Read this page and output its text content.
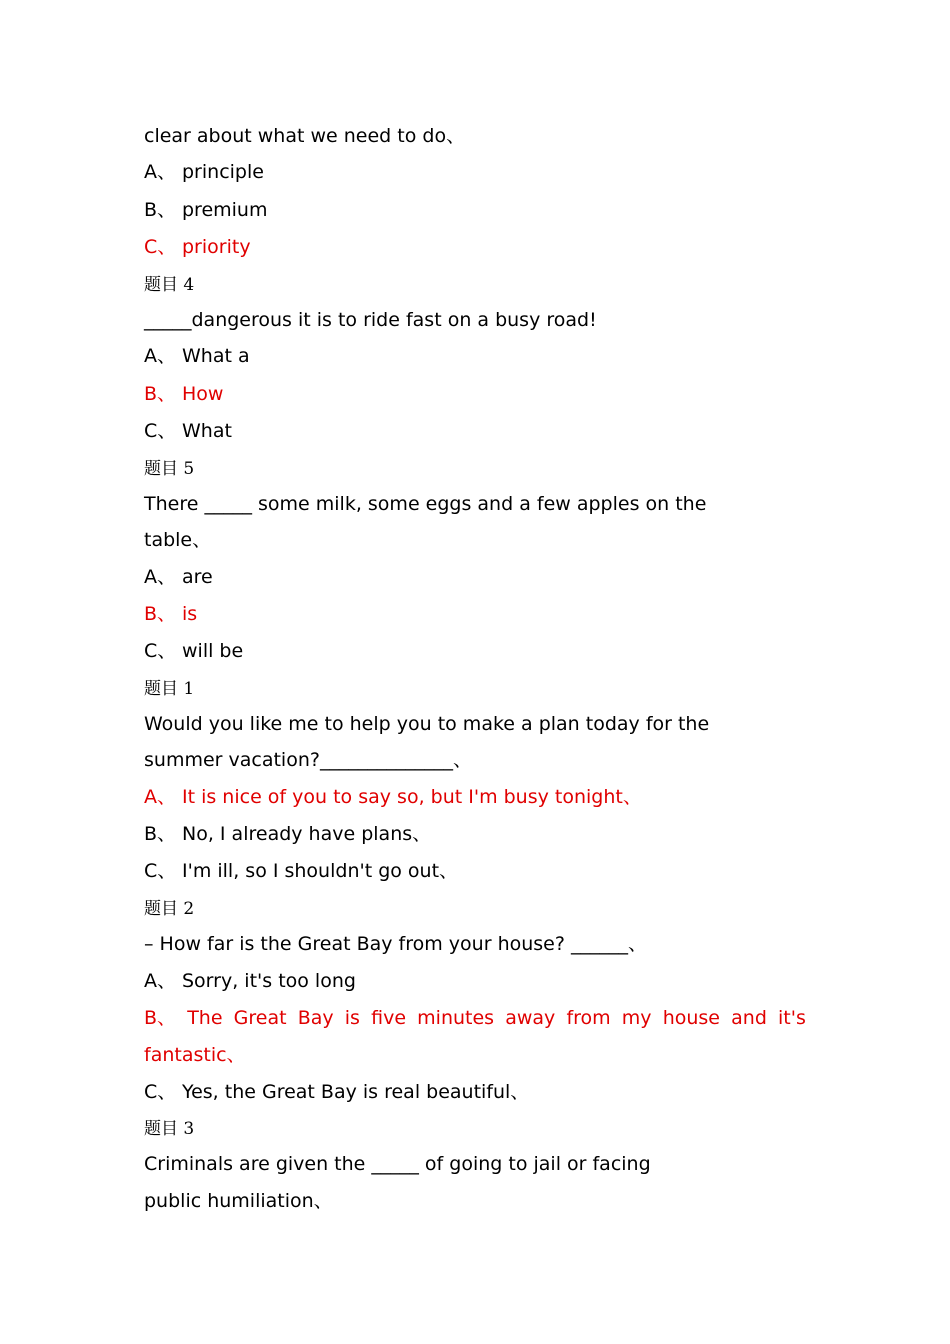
clear about what we need to do、
A、 principle
B、 premium
C、 priority
题目 4
_____dangerous it is to ride fast on a busy road!
A、 What a
B、 How
C、 What
题目 5
There _____ some milk, some eggs and a few apples on the
table、
A、 are
B、 is
C、 will be
题目 1
Would you like me to help you to make a plan today for the
summer vacation?______________、
A、 It is nice of you to say so, but I'm busy tonight、
B、 No, I already have plans、
C、 I'm ill, so I shouldn't go out、
题目 2
– How far is the Great Bay from your house? ______、
A、 Sorry, it's too long
B、 The Great Bay is five minutes away from my house and it's
fantastic、
C、 Yes, the Great Bay is real beautiful、
题目 3
Criminals are given the _____ of going to jail or facing
public humiliation、
